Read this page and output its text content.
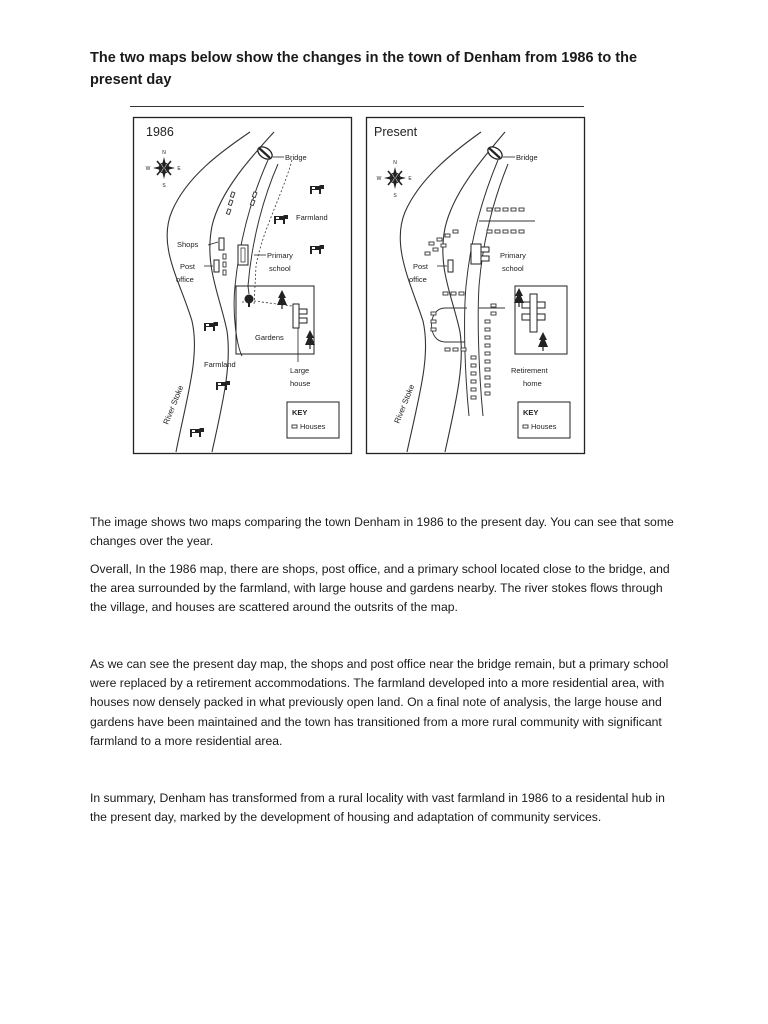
The two maps below show the changes in the town of Denham from 1986 to the present day
1986
N
S
W	E
River Stoke
Bridge
Farmland
Farmland
Shops
Post
office
Primary
school
Gardens
Large
house
KEY
Houses
Present
N
S
W	E
River Stoke
Bridge
Post
office
Primary
school
Retirement
home
KEY
Houses

The image shows two maps comparing the town Denham in 1986 to the present day. You can see that some changes over the year.

Overall, In the 1986 map, there are shops, post office, and a primary school located close to the bridge, and the area surrounded by the farmland, with large house and gardens nearby. The river stokes flows through the village, and houses are scattered around the outsrits of the map.

As we can see the present day map, the shops and post office near the bridge remain, but a primary school were replaced by a retirement accommodations. The farmland developed into a more residential area, with houses now densely packed in what previously open land. On a final note of analysis, the large house and gardens have been maintained and the town has transitioned from a more rural community with significant farmland to a more residential area.

In summary, Denham has transformed from a rural locality with vast farmland in 1986 to a residental hub in the present day, marked by the development of housing and adaptation of community services.
